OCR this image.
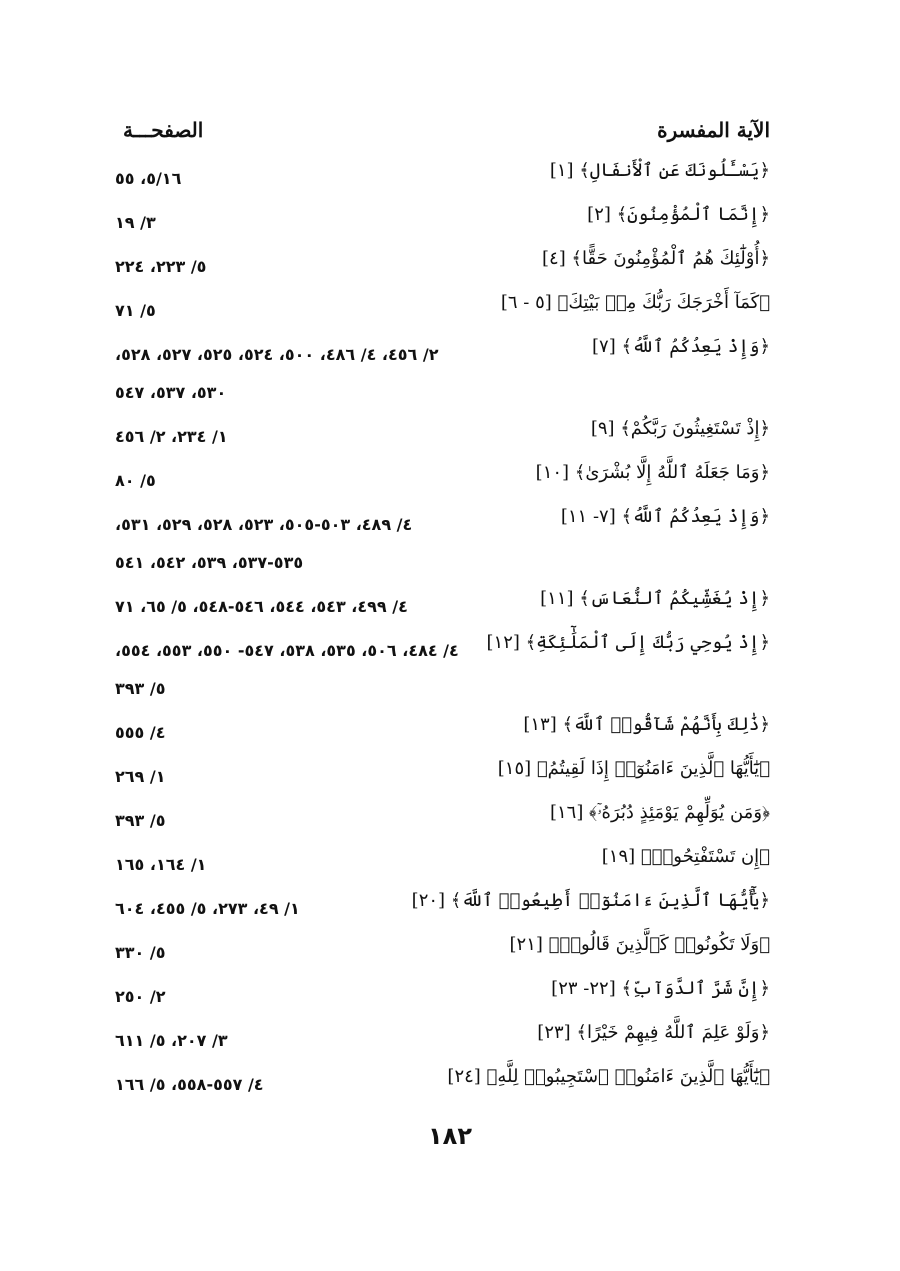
الآية المفسرة
الصفحـــة
﴿يَسْـَٔلُونَكَ عَنِ ٱلْأَنفَالِ﴾ [١]
٥/١٦، ٥٥
﴿إِنَّمَا ٱلْمُؤْمِنُونَ﴾ [٢]
٣/ ١٩
﴿أُوْلَٰٓئِكَ هُمُ ٱلْمُؤْمِنُونَ حَقًّا﴾ [٤]
٥/ ٢٢٣، ٢٢٤
﴿كَمَآ أَخْرَجَكَ رَبُّكَ مِنۢ بَيْتِكَ﴾ [٥ - ٦]
٥/ ٧١
﴿وَإِذْ يَعِدُكُمُ ٱللَّهُ﴾ [٧]
٢/ ٤٥٦، ٤/ ٤٨٦، ٥٠٠، ٥٢٤، ٥٢٥، ٥٢٧، ٥٢٨، ٥٣٠، ٥٣٧، ٥٤٧
﴿إِذْ تَسْتَغِيثُونَ رَبَّكُمْ﴾ [٩]
١/ ٢٣٤، ٢/ ٤٥٦
﴿وَمَا جَعَلَهُ ٱللَّهُ إِلَّا بُشْرَىٰ﴾ [١٠]
٥/ ٨٠
﴿وَإِذْ يَعِدُكُمُ ٱللَّهُ﴾ [٧- ١١]
٤/ ٤٨٩، ٥٠٣-٥٠٥، ٥٢٣، ٥٢٨، ٥٢٩، ٥٣١، ٥٣٥-٥٣٧، ٥٣٩، ٥٤٢، ٥٤١
﴿إِذْ يُغَشِّيكُمُ ٱلنُّعَاسَ﴾ [١١]
٤/ ٤٩٩، ٥٤٣، ٥٤٤، ٥٤٦-٥٤٨، ٥/ ٦٥، ٧١
﴿إِذْ يُوحِي رَبُّكَ إِلَى ٱلْمَلَٰٓئِكَةِ﴾ [١٢]
٤/ ٤٨٤، ٥٠٦، ٥٣٥، ٥٣٨، ٥٤٧- ٥٥٠، ٥٥٣، ٥٥٤، ٥/ ٣٩٣
﴿ذَٰلِكَ بِأَنَّهُمْ شَآقُّوا۟ ٱللَّهَ﴾ [١٣]
٤/ ٥٥٥
﴿يَٰٓأَيُّهَا ٱلَّذِينَ ءَامَنُوٓا۟ إِذَا لَقِيتُمُ﴾ [١٥]
١/ ٢٦٩
﴿وَمَن يُوَلِّهِمْ يَوْمَئِذٍ دُبُرَهُۥٓ﴾ [١٦]
٥/ ٣٩٣
﴿إِن تَسْتَفْتِحُوا۟﴾ [١٩]
١/ ١٦٤، ١٦٥
﴿يَٰٓأَيُّهَا ٱلَّذِينَ ءَامَنُوٓا۟ أَطِيعُوا۟ ٱللَّهَ﴾ [٢٠]
١/ ٤٩، ٢٧٣، ٥/ ٤٥٥، ٦٠٤
﴿وَلَا تَكُونُوا۟ كَٱلَّذِينَ قَالُوا۟﴾ [٢١]
٥/ ٣٣٠
﴿إِنَّ شَرَّ ٱلدَّوَآبِّ﴾ [٢٢- ٢٣]
٢/ ٢٥٠
﴿وَلَوْ عَلِمَ ٱللَّهُ فِيهِمْ خَيْرًا﴾ [٢٣]
٣/ ٢٠٧، ٥/ ٦١١
﴿يَٰٓأَيُّهَا ٱلَّذِينَ ءَامَنُوا۟ ٱسْتَجِيبُوا۟ لِلَّهِ﴾ [٢٤]
٤/ ٥٥٧-٥٥٨، ٥/ ١٦٦
١٨٢
